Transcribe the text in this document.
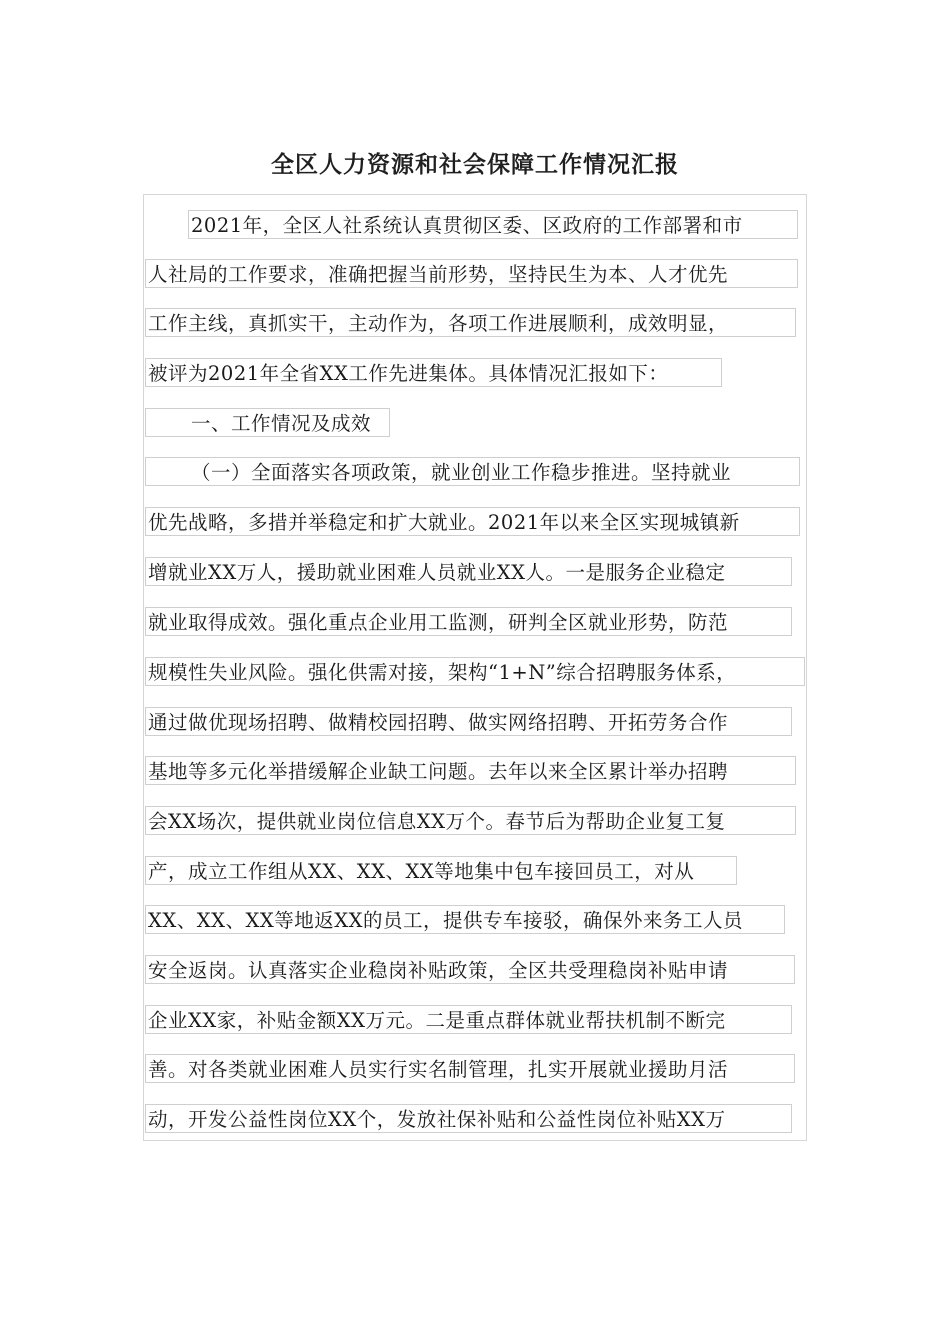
全区人力资源和社会保障工作情况汇报
2021年，全区人社系统认真贯彻区委、区政府的工作部署和市
人社局的工作要求，准确把握当前形势，坚持民生为本、人才优先
工作主线，真抓实干，主动作为，各项工作进展顺利，成效明显，
被评为2021年全省XX工作先进集体。具体情况汇报如下：
一、工作情况及成效
（一）全面落实各项政策，就业创业工作稳步推进。坚持就业
优先战略，多措并举稳定和扩大就业。2021年以来全区实现城镇新
增就业XX万人，援助就业困难人员就业XX人。一是服务企业稳定
就业取得成效。强化重点企业用工监测，研判全区就业形势，防范
规模性失业风险。强化供需对接，架构“1+N”综合招聘服务体系，
通过做优现场招聘、做精校园招聘、做实网络招聘、开拓劳务合作
基地等多元化举措缓解企业缺工问题。去年以来全区累计举办招聘
会XX场次，提供就业岗位信息XX万个。春节后为帮助企业复工复
产，成立工作组从XX、XX、XX等地集中包车接回员工，对从
XX、XX、XX等地返XX的员工，提供专车接驳，确保外来务工人员
安全返岗。认真落实企业稳岗补贴政策，全区共受理稳岗补贴申请
企业XX家，补贴金额XX万元。二是重点群体就业帮扶机制不断完
善。对各类就业困难人员实行实名制管理，扎实开展就业援助月活
动，开发公益性岗位XX个，发放社保补贴和公益性岗位补贴XX万
